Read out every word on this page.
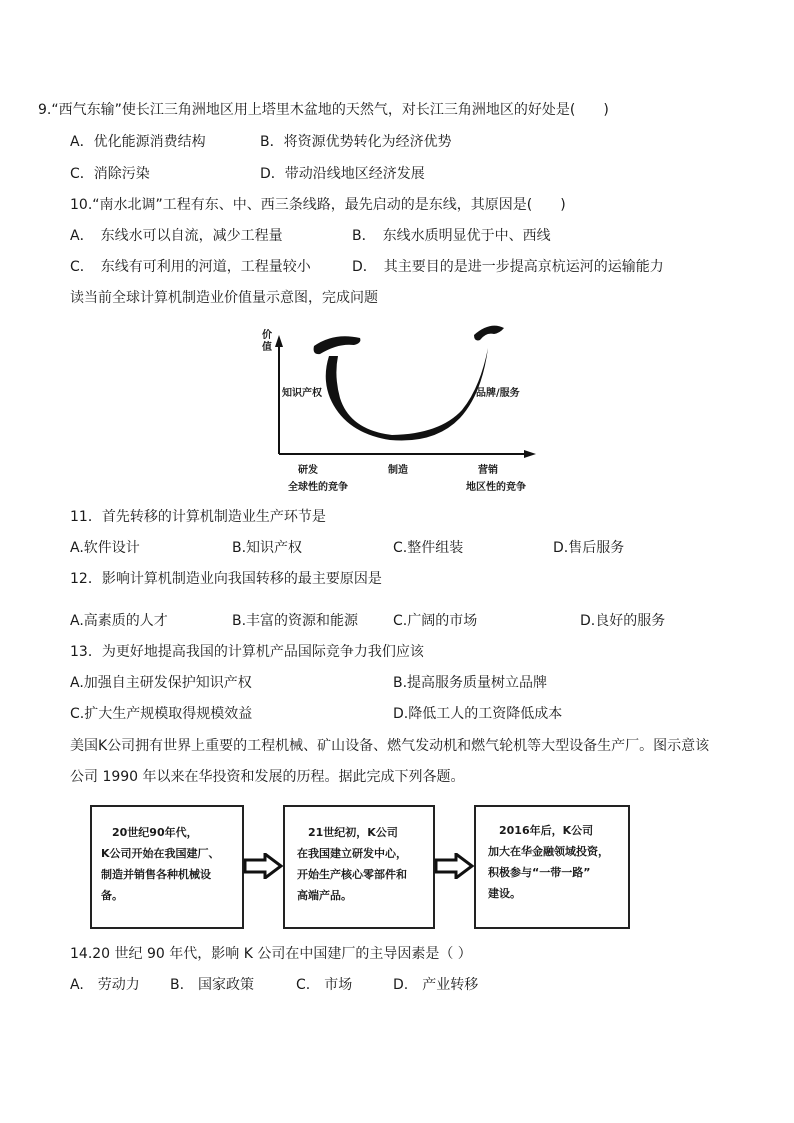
9.“西气东输”使长江三角洲地区用上塔里木盆地的天然气，对长江三角洲地区的好处是(　　)
A．优化能源消费结构	B．将资源优势转化为经济优势
C．消除污染	D．带动沿线地区经济发展
10.“南水北调”工程有东、中、西三条线路，最先启动的是东线，其原因是(　　)
A．　东线水可以自流，减少工程量	B．　东线水质明显优于中、西线
C．　东线有可利用的河道，工程量较小	D．　其主要目的是进一步提高京杭运河的运输能力
读当前全球计算机制造业价值量示意图，完成问题
价
值
知识产权	品牌/服务
研发	制造	营销
全球性的竞争	地区性的竞争
11．首先转移的计算机制造业生产环节是
A.软件设计	B.知识产权	C.整件组装	D.售后服务
12．影响计算机制造业向我国转移的最主要原因是
A.高素质的人才	B.丰富的资源和能源 C.广阔的市场	D.良好的服务
13．为更好地提高我国的计算机产品国际竞争力我们应该
A.加强自主研发保护知识产权	B.提高服务质量树立品牌
C.扩大生产规模取得规模效益	D.降低工人的工资降低成本
美国K公司拥有世界上重要的工程机械、矿山设备、燃气发动机和燃气轮机等大型设备生产厂。图示意该
公司 1990 年以来在华投资和发展的历程。据此完成下列各题。
　20世纪90年代，
K公司开始在我国建厂、
制造并销售各种机械设
备。
　21世纪初，K公司
在我国建立研发中心，
开始生产核心零部件和
高端产品。
　2016年后，K公司
加大在华金融领域投资，
积极参与“一带一路”
建设。
14.20 世纪 90 年代，影响 K 公司在中国建厂的主导因素是（ ）
A.　劳动力 B.　国家政策	C.　市场	D.　产业转移
